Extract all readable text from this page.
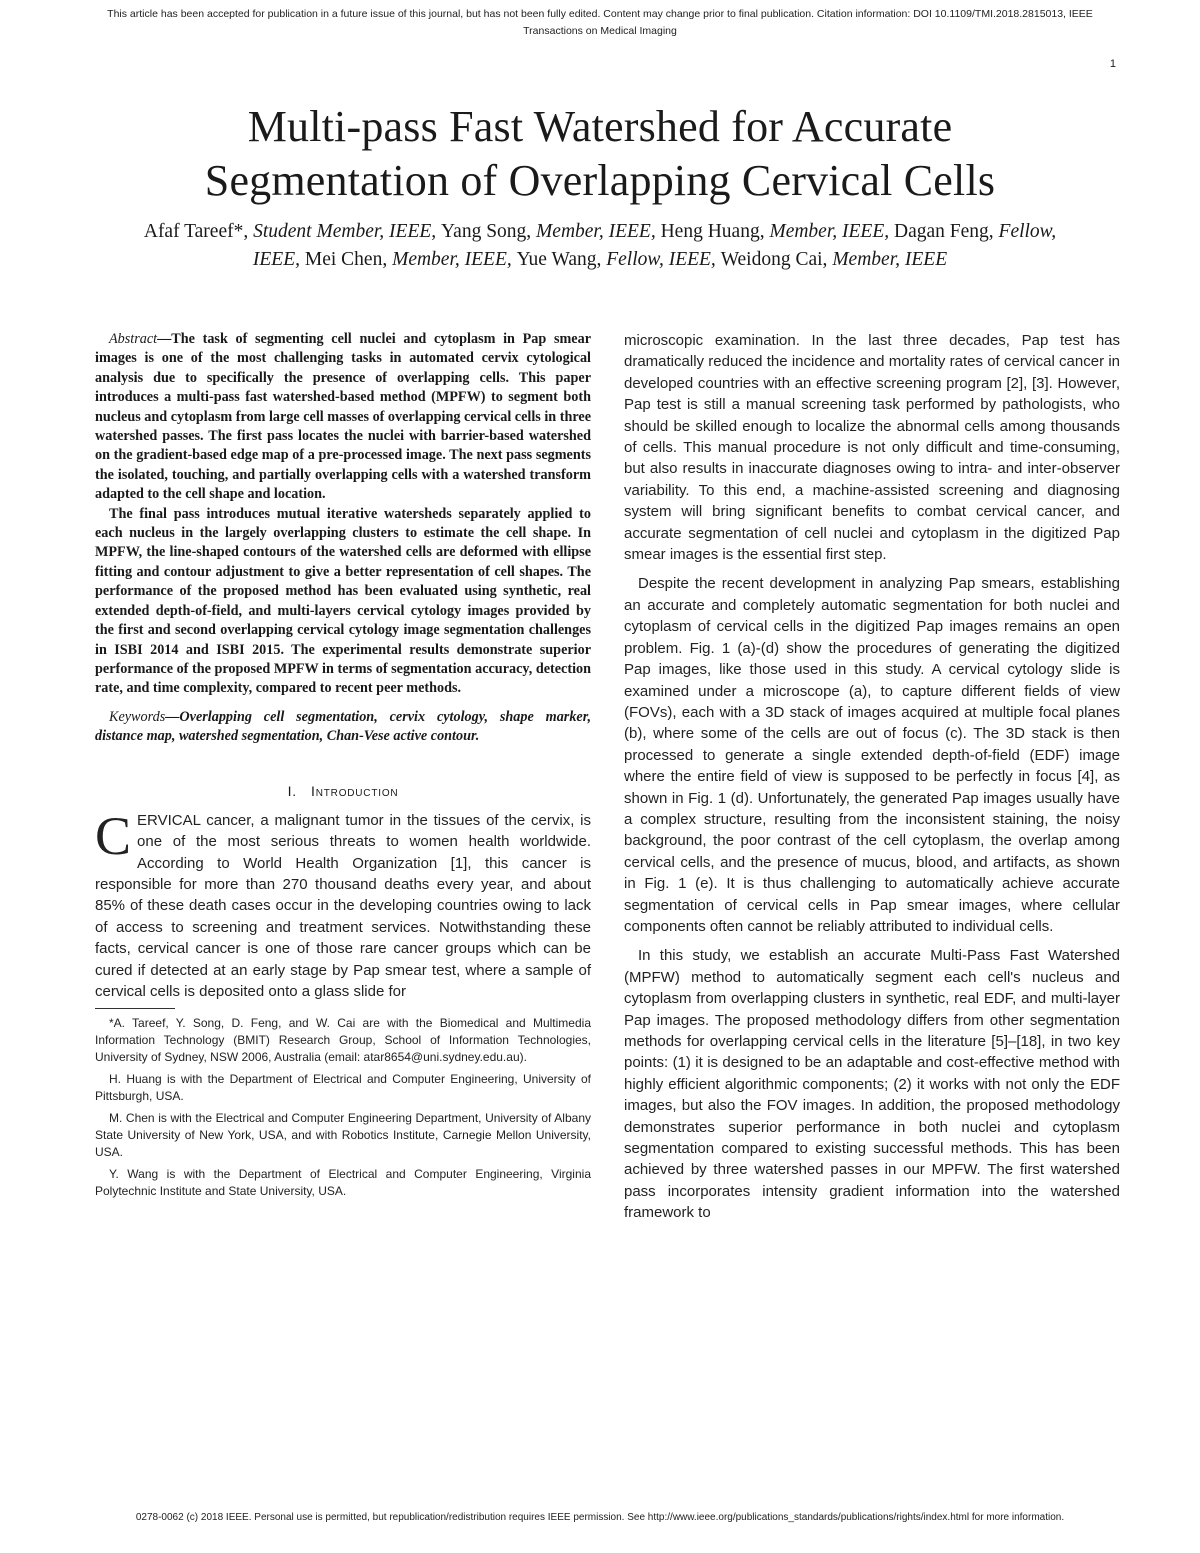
This article has been accepted for publication in a future issue of this journal, but has not been fully edited. Content may change prior to final publication. Citation information: DOI 10.1109/TMI.2018.2815013, IEEE
Transactions on Medical Imaging
1
Multi-pass Fast Watershed for Accurate
Segmentation of Overlapping Cervical Cells
Afaf Tareef*, Student Member, IEEE, Yang Song, Member, IEEE, Heng Huang, Member, IEEE, Dagan Feng, Fellow, IEEE, Mei Chen, Member, IEEE, Yue Wang, Fellow, IEEE, Weidong Cai, Member, IEEE

Abstract—The task of segmenting cell nuclei and cytoplasm in Pap smear images is one of the most challenging tasks in automated cervix cytological analysis due to specifically the presence of overlapping cells. This paper introduces a multi-pass fast watershed-based method (MPFW) to segment both nucleus and cytoplasm from large cell masses of overlapping cervical cells in three watershed passes. The first pass locates the nuclei with barrier-based watershed on the gradient-based edge map of a pre-processed image. The next pass segments the isolated, touching, and partially overlapping cells with a watershed transform adapted to the cell shape and location.

The final pass introduces mutual iterative watersheds separately applied to each nucleus in the largely overlapping clusters to estimate the cell shape. In MPFW, the line-shaped contours of the watershed cells are deformed with ellipse fitting and contour adjustment to give a better representation of cell shapes. The performance of the proposed method has been evaluated using synthetic, real extended depth-of-field, and multi-layers cervical cytology images provided by the first and second overlapping cervical cytology image segmentation challenges in ISBI 2014 and ISBI 2015. The experimental results demonstrate superior performance of the proposed MPFW in terms of segmentation accuracy, detection rate, and time complexity, compared to recent peer methods.

Keywords—Overlapping cell segmentation, cervix cytology, shape marker, distance map, watershed segmentation, Chan-Vese active contour.
I. Introduction

CERVICAL cancer, a malignant tumor in the tissues of the cervix, is one of the most serious threats to women health worldwide. According to World Health Organization [1], this cancer is responsible for more than 270 thousand deaths every year, and about 85% of these death cases occur in the developing countries owing to lack of access to screening and treatment services. Notwithstanding these facts, cervical cancer is one of those rare cancer groups which can be cured if detected at an early stage by Pap smear test, where a sample of cervical cells is deposited onto a glass slide for

*A. Tareef, Y. Song, D. Feng, and W. Cai are with the Biomedical and Multimedia Information Technology (BMIT) Research Group, School of Information Technologies, University of Sydney, NSW 2006, Australia (email: atar8654@uni.sydney.edu.au).

H. Huang is with the Department of Electrical and Computer Engineering, University of Pittsburgh, USA.

M. Chen is with the Electrical and Computer Engineering Department, University of Albany State University of New York, USA, and with Robotics Institute, Carnegie Mellon University, USA.

Y. Wang is with the Department of Electrical and Computer Engineering, Virginia Polytechnic Institute and State University, USA.

microscopic examination. In the last three decades, Pap test has dramatically reduced the incidence and mortality rates of cervical cancer in developed countries with an effective screening program [2], [3]. However, Pap test is still a manual screening task performed by pathologists, who should be skilled enough to localize the abnormal cells among thousands of cells. This manual procedure is not only difficult and time-consuming, but also results in inaccurate diagnoses owing to intra- and inter-observer variability. To this end, a machine-assisted screening and diagnosing system will bring significant benefits to combat cervical cancer, and accurate segmentation of cell nuclei and cytoplasm in the digitized Pap smear images is the essential first step.

Despite the recent development in analyzing Pap smears, establishing an accurate and completely automatic segmentation for both nuclei and cytoplasm of cervical cells in the digitized Pap images remains an open problem. Fig. 1 (a)-(d) show the procedures of generating the digitized Pap images, like those used in this study. A cervical cytology slide is examined under a microscope (a), to capture different fields of view (FOVs), each with a 3D stack of images acquired at multiple focal planes (b), where some of the cells are out of focus (c). The 3D stack is then processed to generate a single extended depth-of-field (EDF) image where the entire field of view is supposed to be perfectly in focus [4], as shown in Fig. 1 (d). Unfortunately, the generated Pap images usually have a complex structure, resulting from the inconsistent staining, the noisy background, the poor contrast of the cell cytoplasm, the overlap among cervical cells, and the presence of mucus, blood, and artifacts, as shown in Fig. 1 (e). It is thus challenging to automatically achieve accurate segmentation of cervical cells in Pap smear images, where cellular components often cannot be reliably attributed to individual cells.

In this study, we establish an accurate Multi-Pass Fast Watershed (MPFW) method to automatically segment each cell's nucleus and cytoplasm from overlapping clusters in synthetic, real EDF, and multi-layer Pap images. The proposed methodology differs from other segmentation methods for overlapping cervical cells in the literature [5]–[18], in two key points: (1) it is designed to be an adaptable and cost-effective method with highly efficient algorithmic components; (2) it works with not only the EDF images, but also the FOV images. In addition, the proposed methodology demonstrates superior performance in both nuclei and cytoplasm segmentation compared to existing successful methods. This has been achieved by three watershed passes in our MPFW. The first watershed pass incorporates intensity gradient information into the watershed framework to

0278-0062 (c) 2018 IEEE. Personal use is permitted, but republication/redistribution requires IEEE permission. See http://www.ieee.org/publications_standards/publications/rights/index.html for more information.
